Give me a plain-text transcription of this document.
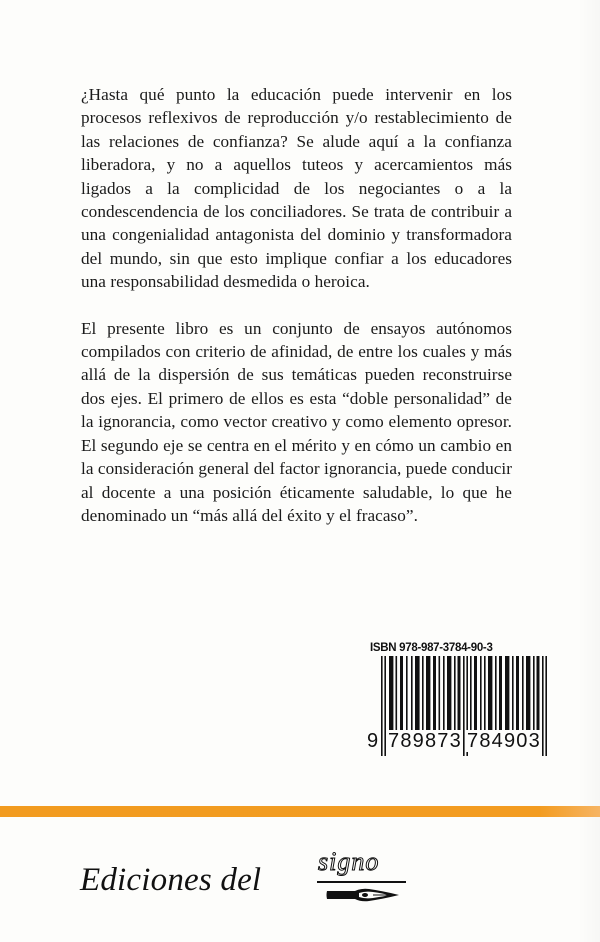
¿Hasta qué punto la educación puede intervenir en los procesos reflexivos de reproducción y/o restablecimiento de las relaciones de confianza? Se alude aquí a la confianza liberadora, y no a aquellos tuteos y acercamientos más ligados a la complicidad de los negociantes o a la condescendencia de los conciliadores. Se trata de contribuir a una congenialidad antagonista del dominio y transformadora del mundo, sin que esto implique confiar a los educadores una responsabilidad desmedida o heroica.

El presente libro es un conjunto de ensayos autónomos compilados con criterio de afinidad, de entre los cuales y más allá de la dispersión de sus temáticas pueden reconstruirse dos ejes. El primero de ellos es esta “doble personalidad” de la ignorancia, como vector creativo y como elemento opresor. El segundo eje se centra en el mérito y en cómo un cambio en la consideración general del factor ignorancia, puede conducir al docente a una posición éticamente saludable, lo que he denominado un “más allá del éxito y el fracaso”.

ISBN 978-987-3784-90-3
9 789873 784903
Ediciones del
signo
